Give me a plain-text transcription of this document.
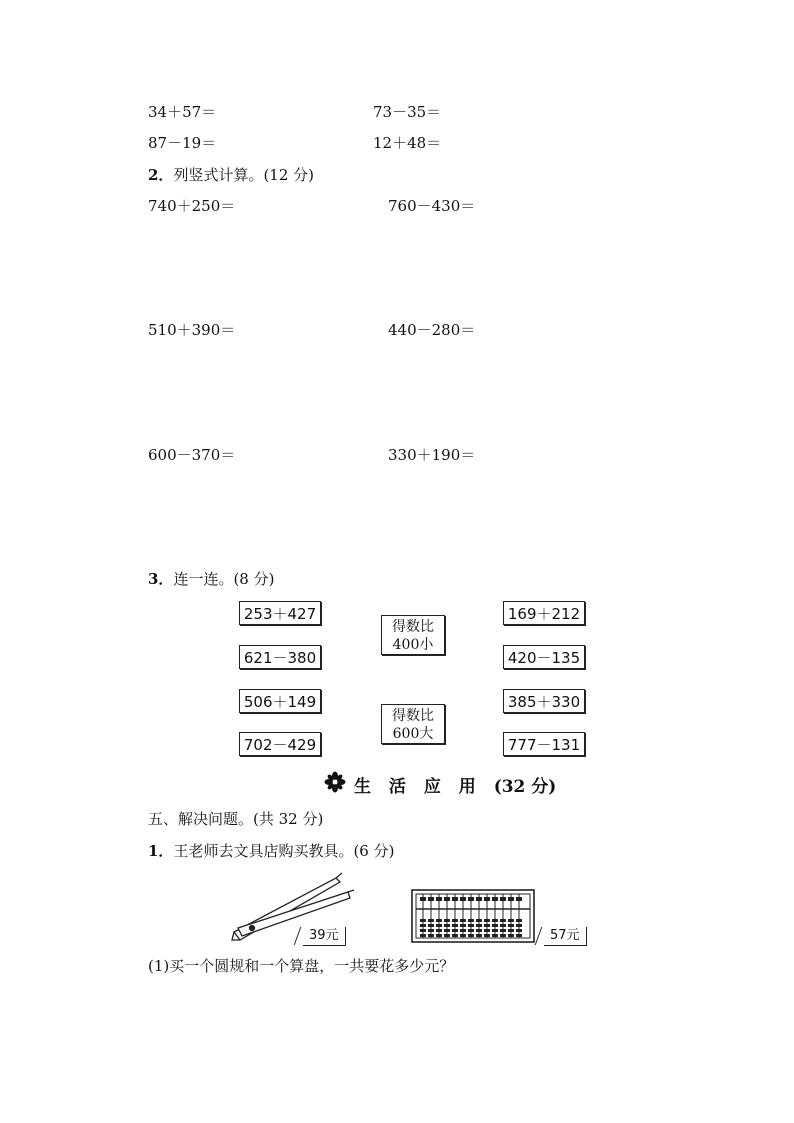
34＋57＝	73－35＝
87－19＝	12＋48＝
2．列竖式计算。(12 分)
740＋250＝	760－430＝
510＋390＝	440－280＝
600－370＝	330＋190＝
3．连一连。(8 分)
253＋427
621－380
506＋149
702－429
169＋212
420－135
385＋330
777－131
得数比
400小
得数比
600大
生 活 应 用 (32 分)
五、解决问题。(共 32 分)
1．王老师去文具店购买教具。(6 分)
39元	57元
(1)买一个圆规和一个算盘，一共要花多少元？
